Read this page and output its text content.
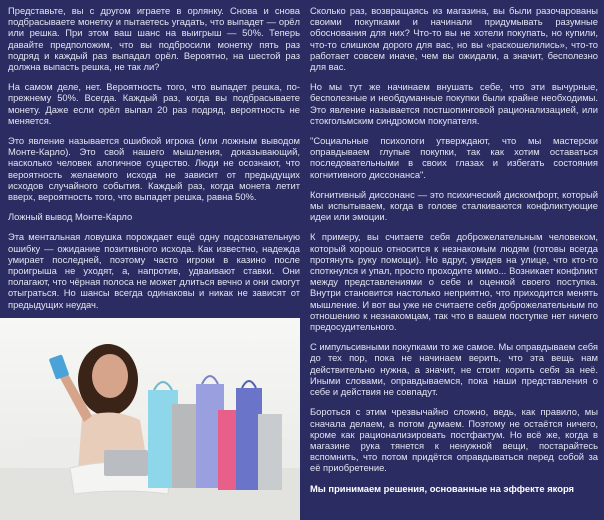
Представьте, вы с другом играете в орлянку. Снова и снова подбрасываете монетку и пытаетесь угадать, что выпадет — орёл или решка. При этом ваш шанс на выигрыш — 50%. Теперь давайте предположим, что вы подбросили монетку пять раз подряд и каждый раз выпадал орёл. Вероятно, на шестой раз должна выпасть решка, не так ли?

На самом деле, нет. Вероятность того, что выпадет решка, по-прежнему 50%. Всегда. Каждый раз, когда вы подбрасываете монету. Даже если орёл выпал 20 раз подряд, вероятность не меняется.

Это явление называется ошибкой игрока (или ложным выводом Монте-Карло). Это свой нашего мышления, доказывающий, насколько человек алогичное существо. Люди не осознают, что вероятность желаемого исхода не зависит от предыдущих исходов случайного события. Каждый раз, когда монета летит вверх, вероятность того, что выпадет решка, равна 50%.

Ложный вывод Монте-Карло

Эта ментальная ловушка порождает ещё одну подсознательную ошибку — ожидание позитивного исхода. Как известно, надежда умирает последней, поэтому часто игроки в казино после проигрыша не уходят, а, напротив, удваивают ставки. Они полагают, что чёрная полоса не может длиться вечно и они смогут отыграться. Но шансы всегда одинаковы и никак не зависят от предыдущих неудач.

Сколько раз, возвращаясь из магазина, вы были разочарованы своими покупками и начинали придумывать разумные обоснования для них? Что-то вы не хотели покупать, но купили, что-то слишком дорого для вас, но вы «раскошелились», что-то работает совсем иначе, чем вы ожидали, а значит, бесполезно для вас.

Но мы тут же начинаем внушать себе, что эти вычурные, бесполезные и необдуманные покупки были крайне необходимы. Это явление называется постшопинговой рационализацией, или стокгольмским синдромом покупателя.

"Социальные психологи утверждают, что мы мастерски оправдываем глупые покупки, так как хотим оставаться последовательными в своих глазах и избегать состояния когнитивного диссонанса".

Когнитивный диссонанс — это психический дискомфорт, который мы испытываем, когда в голове сталкиваются конфликтующие идеи или эмоции.

К примеру, вы считаете себя доброжелательным человеком, который хорошо относится к незнакомым людям (готовы всегда протянуть руку помощи). Но вдруг, увидев на улице, что кто-то споткнулся и упал, просто проходите мимо... Возникает конфликт между представлениями о себе и оценкой своего поступка. Внутри становится настолько неприятно, что приходится менять мышление. И вот вы уже не считаете себя доброжелательным по отношению к незнакомцам, так что в вашем поступке нет ничего предосудительного.

С импульсивными покупками то же самое. Мы оправдываем себя до тех пор, пока не начинаем верить, что эта вещь нам действительно нужна, а значит, не стоит корить себя за неё. Иными словами, оправдываемся, пока наши представления о себе и действия не совпадут.

Бороться с этим чрезвычайно сложно, ведь, как правило, мы сначала делаем, а потом думаем. Поэтому не остаётся ничего, кроме как рационализировать постфактум. Но всё же, когда в магазине рука тянется к ненужной вещи, постарайтесь вспомнить, что потом придётся оправдываться перед собой за её приобретение.

Мы принимаем решения, основанные на эффекте якоря
